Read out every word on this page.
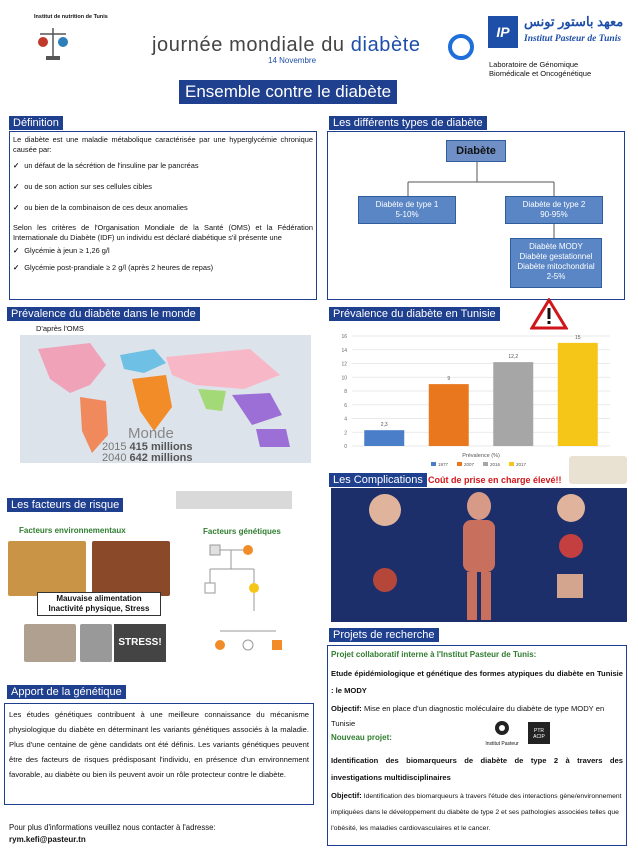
Institut de nutrition de Tunis
journée mondiale du diabète
14 Novembre
IP
معهد باستور تونس
Institut Pasteur de Tunis
Laboratoire de Génomique
Biomédicale et Oncogénétique
Ensemble contre le diabète
Définition

Le diabète est une maladie métabolique caractérisée par une hyperglycémie chronique causée par:

✓ un défaut de la sécrétion de l'insuline par le pancréas

✓ ou de son action sur ses cellules cibles

✓ ou bien de la combinaison de ces deux anomalies

Selon les critères de l'Organisation Mondiale de la Santé (OMS) et la Fédération Internationale du Diabète (IDF) un individu est déclaré diabétique s'il présente une

✓ Glycémie à jeun ≥ 1,26 g/l

✓ Glycémie post-prandiale ≥ 2 g/l (après 2 heures de repas)

Les différents types de diabète
Diabète
Diabète de type 1
5-10%
Diabète de type 2
90-95%
Diabète MODY
Diabète gestationnel
Diabète mitochondrial
2-5%
Prévalence du diabète dans le monde
D'après l'OMS
Monde
2015 415 millions
2040 642 millions
Prévalence du diabète en Tunisie
0
2
4
6
8
10
12
14
16
2,3
9
12,2
15
Prévalence (%)
1977	2007	2016	2017
Les Complications Coût de prise en charge élevé!!
Les facteurs de risque
Facteurs environnementaux	Facteurs génétiques
Mauvaise alimentation
Inactivité physique, Stress
STRESS!
Apport de la génétique

Les études génétiques contribuent à une meilleure connaissance du mécanisme physiologique du diabète en déterminant les variants génétiques associés à la maladie. Plus d'une centaine de gène candidats ont été définis. Les variants génétiques peuvent être des facteurs de risques prédisposant l'individu, en présence d'un environnement favorable, au diabète ou bien ils peuvent avoir un rôle protecteur contre le diabète.

Projets de recherche

Projet collaboratif interne à l'Institut Pasteur de Tunis:

Etude épidémiologique et génétique des formes atypiques du diabète en Tunisie : le MODY

Objectif: Mise en place d'un diagnostic moléculaire du diabète de type MODY en Tunisie

Nouveau projet:

Institut Pasteur
PTR ACIP

Identification des biomarqueurs de diabète de type 2 à travers des investigations multidisciplinaires

Objectif: Identification des biomarqueurs à travers l'étude des interactions gène/environnement impliquées dans le développement du diabète de type 2 et ses pathologies associées telles que l'obésité, les maladies cardiovasculaires et le cancer.

Pour plus d'informations veuillez nous contacter à l'adresse:
rym.kefi@pasteur.tn
